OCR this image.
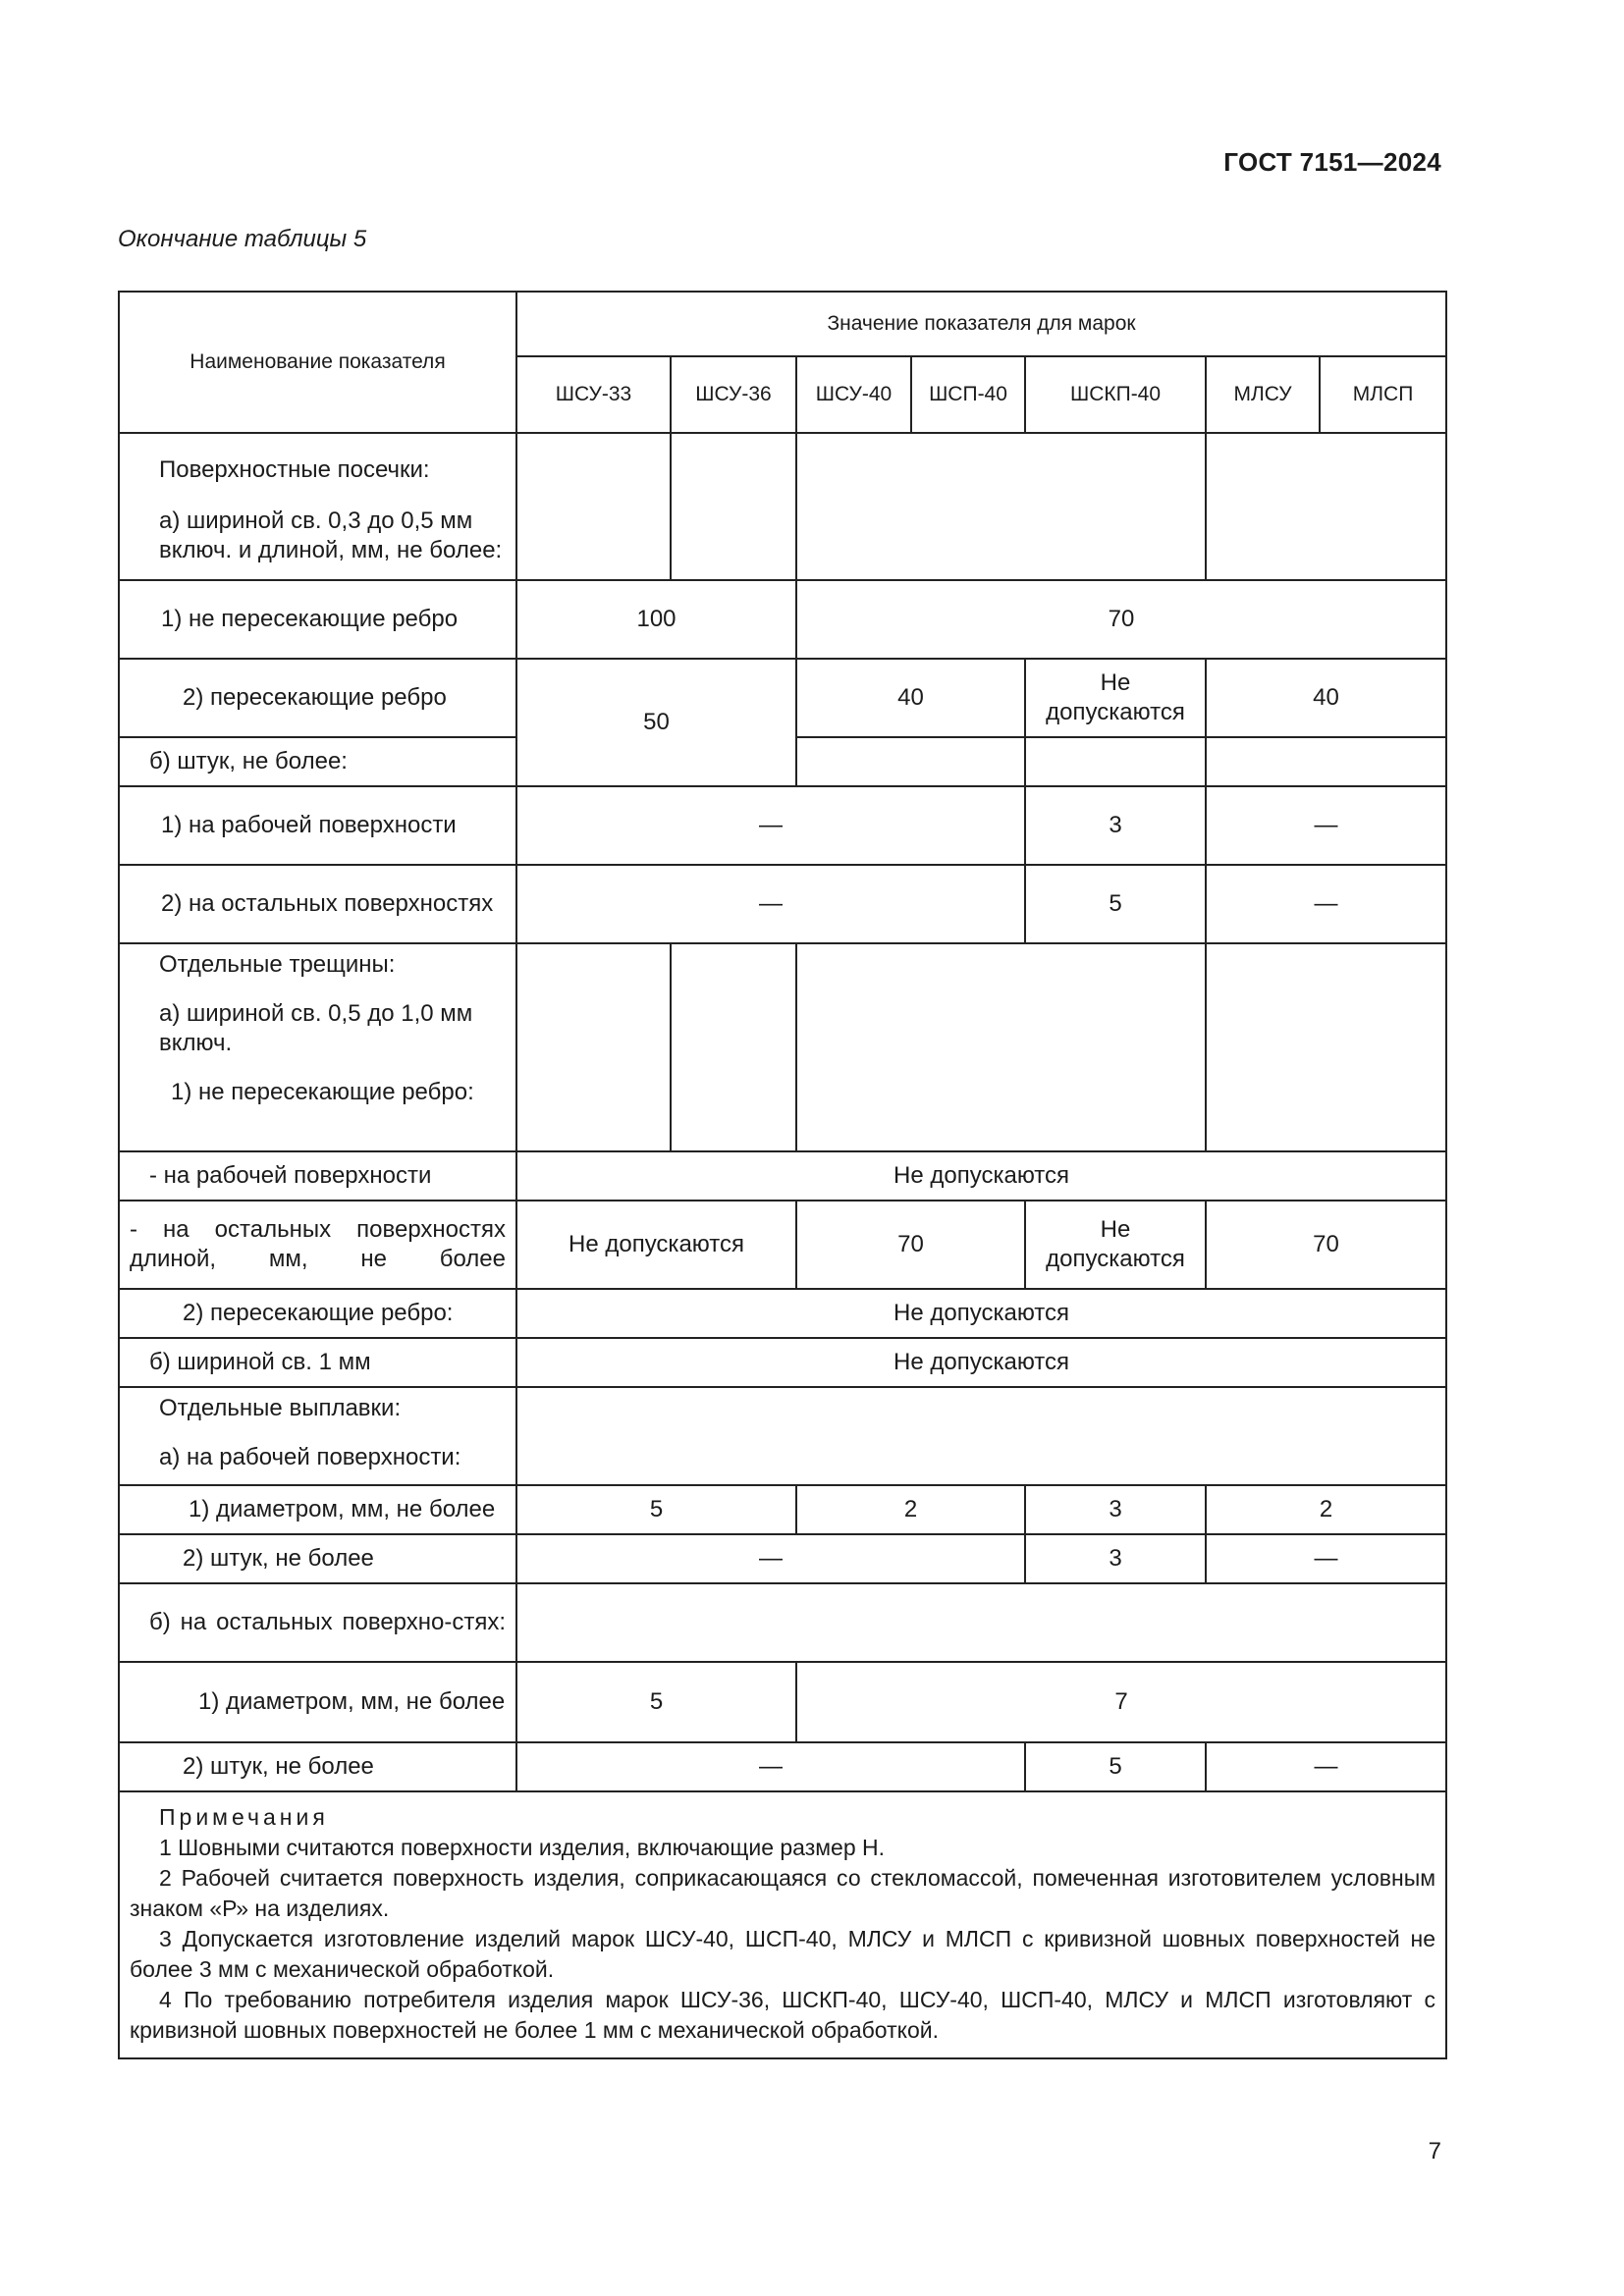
ГОСТ 7151—2024
Окончание таблицы 5
Наименование показателя	Значение показателя для марок						
	ШСУ-33	ШСУ-36	ШСУ-40	ШСП-40	ШСКП-40	МЛСУ	МЛСП

Поверхностные посечки:
а) шириной св. 0,3 до 0,5 мм включ. и длиной, мм, не более:							

1) не пересекающие ребро	100		70				
2) пересекающие ребро	50		40		Не допускаются	40	
б) штук, не более:							
1) на рабочей поверхности	—				3	—	
2) на остальных поверхностях	—				5	—	

Отдельные трещины:
а) шириной св. 0,5 до 1,0 мм включ.
1) не пересекающие ребро:							

- на рабочей поверхности	Не допускаются						
- на остальных поверхностях длиной, мм, не более	Не допускаются		70		Не допускаются	70	
2) пересекающие ребро:	Не допускаются						
б) шириной св. 1 мм	Не допускаются						

Отдельные выплавки:
а) на рабочей поверхности:							

1) диаметром, мм, не более	5		2		3	2	
2) штук, не более	—				3	—	
б) на остальных поверхно-стях:							
1) диаметром, мм, не более	5		7				
2) штук, не более	—				5	—	

Примечания

1 Шовными считаются поверхности изделия, включающие размер Н.

2 Рабочей считается поверхность изделия, соприкасающаяся со стекломассой, помеченная изготовителем условным знаком «Р» на изделиях.

3 Допускается изготовление изделий марок ШСУ-40, ШСП-40, МЛСУ и МЛСП с кривизной шовных поверхностей не более 3 мм с механической обработкой.

4 По требованию потребителя изделия марок ШСУ-36, ШСКП-40, ШСУ-40, ШСП-40, МЛСУ и МЛСП изготовляют с кривизной шовных поверхностей не более 1 мм с механической обработкой.							

7
